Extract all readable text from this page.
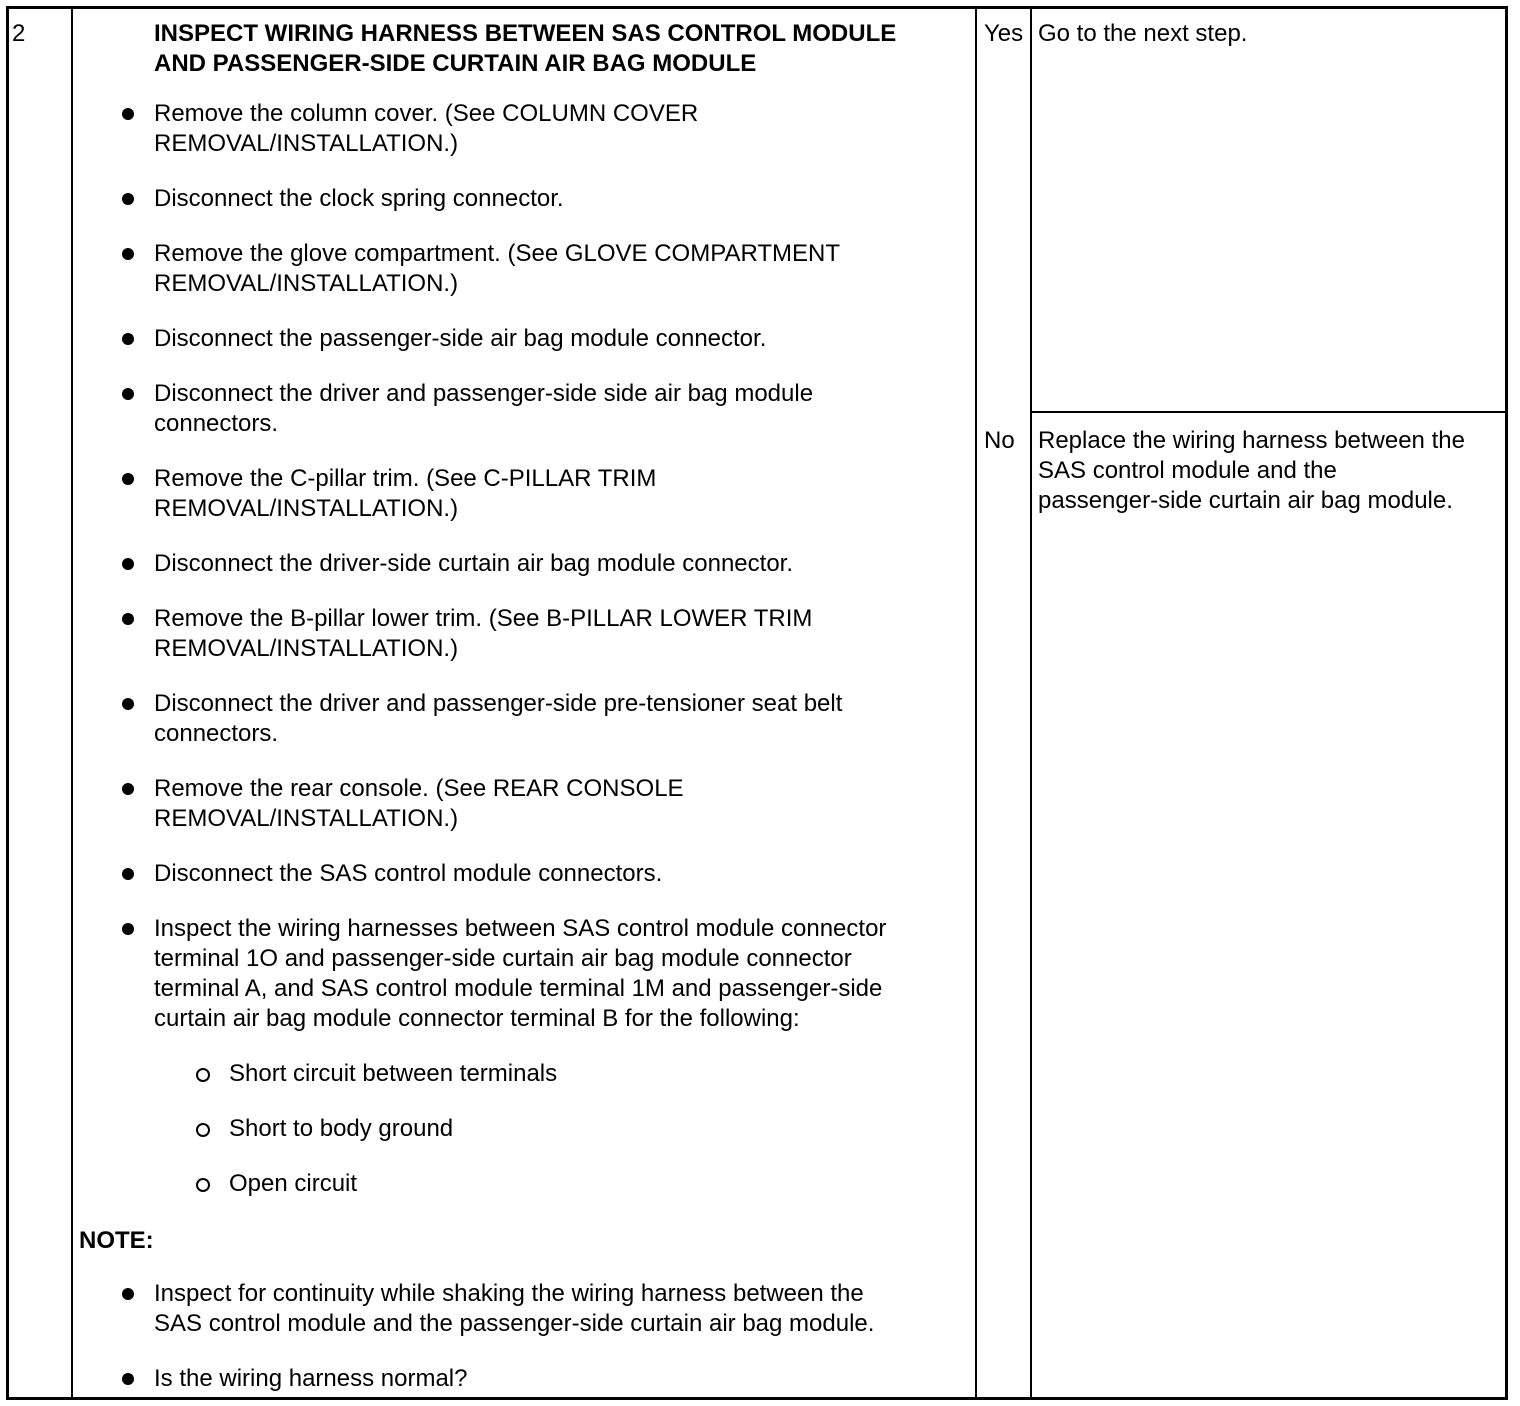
2	INSPECT WIRING HARNESS BETWEEN SAS CONTROL MODULE
AND PASSENGER-SIDE CURTAIN AIR BAG MODULE
Remove the column cover. (See COLUMN COVER
REMOVAL/INSTALLATION.)
Disconnect the clock spring connector.
Remove the glove compartment. (See GLOVE COMPARTMENT
REMOVAL/INSTALLATION.)
Disconnect the passenger-side air bag module connector.
Disconnect the driver and passenger-side side air bag module
connectors.
Remove the C-pillar trim. (See C-PILLAR TRIM
REMOVAL/INSTALLATION.)
Disconnect the driver-side curtain air bag module connector.
Remove the B-pillar lower trim. (See B-PILLAR LOWER TRIM
REMOVAL/INSTALLATION.)
Disconnect the driver and passenger-side pre-tensioner seat belt
connectors.
Remove the rear console. (See REAR CONSOLE
REMOVAL/INSTALLATION.)
Disconnect the SAS control module connectors.
Inspect the wiring harnesses between SAS control module connector
terminal 1O and passenger-side curtain air bag module connector
terminal A, and SAS control module terminal 1M and passenger-side
curtain air bag module connector terminal B for the following:
Short circuit between terminals
Short to body ground
Open circuit
NOTE:
Inspect for continuity while shaking the wiring harness between the
SAS control module and the passenger-side curtain air bag module.
Is the wiring harness normal?
Yes Go to the next step.
No Replace the wiring harness between the
SAS control module and the
passenger-side curtain air bag module.
